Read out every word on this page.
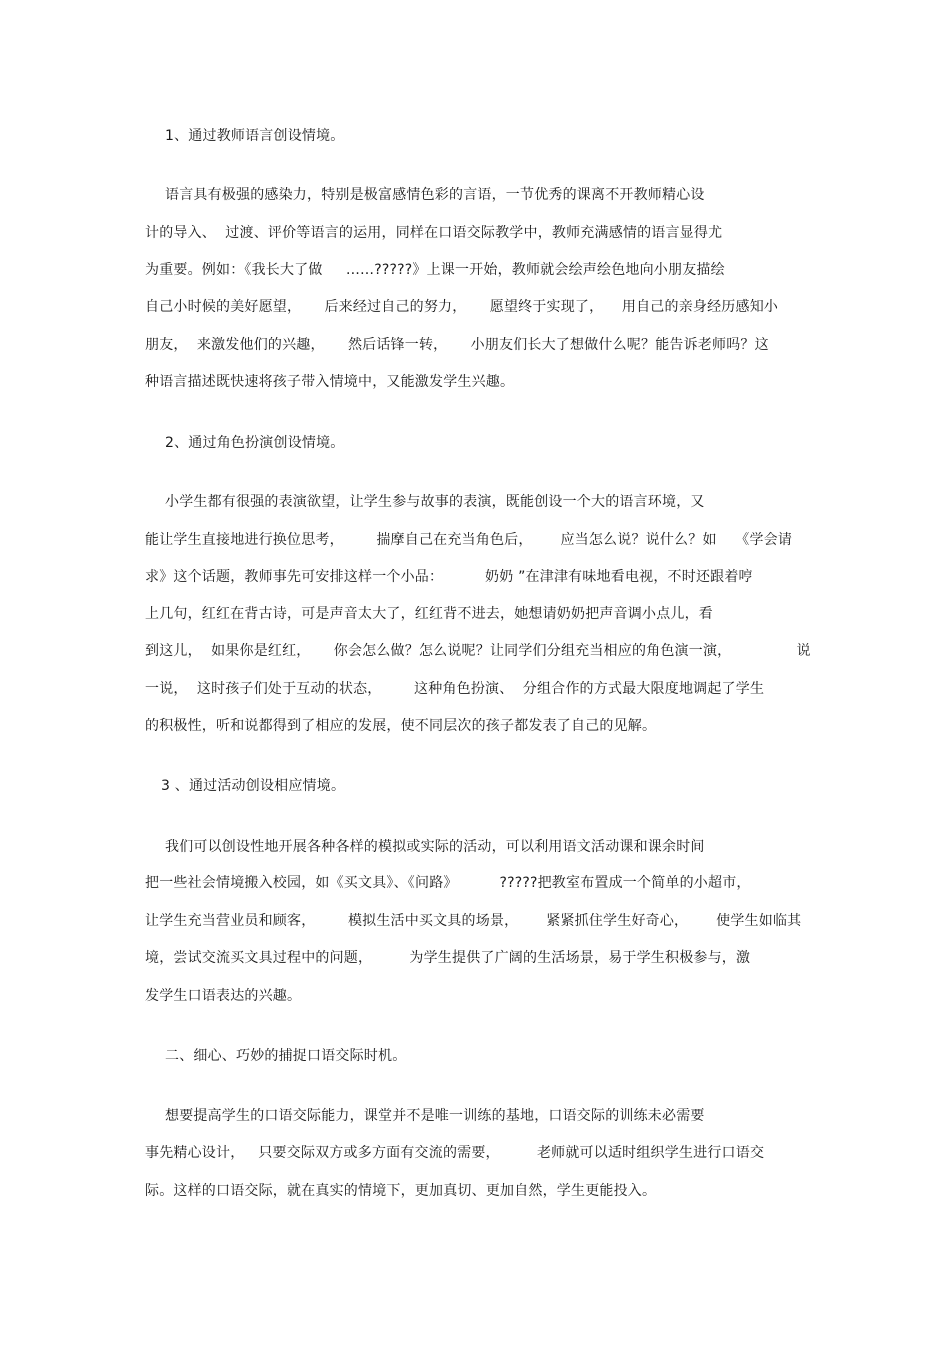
1、通过教师语言创设情境。
语言具有极强的感染力，特别是极富感情色彩的言语，一节优秀的课离不开教师精心设
计的导入、  过渡、评价等语言的运用，同样在口语交际教学中，教师充满感情的语言显得尤
为重要。例如：《我长大了做     ……?????》上课一开始，教师就会绘声绘色地向小朋友描绘
自己小时候的美好愿望，     后来经过自己的努力，     愿望终于实现了，    用自己的亲身经历感知小
朋友，  来激发他们的兴趣，     然后话锋一转，     小朋友们长大了想做什么呢？能告诉老师吗？这
种语言描述既快速将孩子带入情境中，又能激发学生兴趣。
2、通过角色扮演创设情境。
小学生都有很强的表演欲望，让学生参与故事的表演，既能创设一个大的语言环境，又
能让学生直接地进行换位思考，       揣摩自己在充当角色后，      应当怎么说？说什么？如    《学会请
求》这个话题，教师事先可安排这样一个小品：         奶奶 ”在津津有味地看电视，不时还跟着哼
上几句，红红在背古诗，可是声音太大了，红红背不进去，她想请奶奶把声音调小点儿，看
到这儿，  如果你是红红，     你会怎么做？怎么说呢？让同学们分组充当相应的角色演一演，              说
一说，  这时孩子们处于互动的状态，       这种角色扮演、  分组合作的方式最大限度地调起了学生
的积极性，听和说都得到了相应的发展，使不同层次的孩子都发表了自己的见解。
3 、通过活动创设相应情境。
我们可以创设性地开展各种各样的模拟或实际的活动，可以利用语文活动课和课余时间
把一些社会情境搬入校园，如《买文具》、《问路》         ?????把教室布置成一个简单的小超市，
让学生充当营业员和顾客，       模拟生活中买文具的场景，      紧紧抓住学生好奇心，      使学生如临其
境，尝试交流买文具过程中的问题，        为学生提供了广阔的生活场景，易于学生积极参与，激
发学生口语表达的兴趣。
二、细心、巧妙的捕捉口语交际时机。
想要提高学生的口语交际能力，课堂并不是唯一训练的基地，口语交际的训练未必需要
事先精心设计，   只要交际双方或多方面有交流的需要，        老师就可以适时组织学生进行口语交
际。这样的口语交际，就在真实的情境下，更加真切、更加自然，学生更能投入。
